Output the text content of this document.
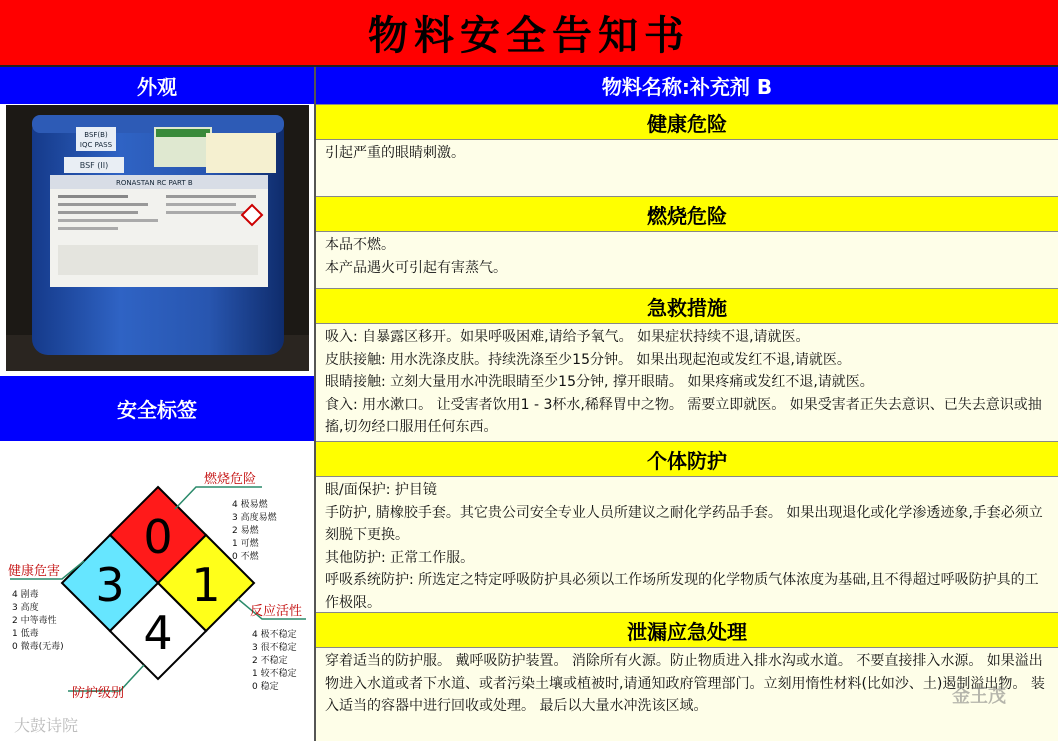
物料安全告知书
外观	物料名称:补充剂 B
BSF(B)
IQC PASS
BSF (II)
RONASTAN RC PART B
安全标签
0
3 1
4
燃烧危险
4 极易燃
3 高度易燃
2 易燃
1 可燃
0 不燃
健康危害
4 剧毒
3 高度
2 中等毒性
1 低毒
0 微毒(无毒)
反应活性
4 极不稳定
3 很不稳定
2 不稳定
1 较不稳定
0 稳定
防护级别
大鼓诗院
健康危险

引起严重的眼睛刺激。

燃烧危险

本品不燃。

本产品遇火可引起有害蒸气。

急救措施

吸入: 自暴露区移开。如果呼吸困难,请给予氧气。 如果症状持续不退,请就医。

皮肤接触: 用水洗涤皮肤。持续洗涤至少15分钟。 如果出现起泡或发红不退,请就医。

眼睛接触: 立刻大量用水冲洗眼睛至少15分钟, 撑开眼睛。 如果疼痛或发红不退,请就医。

食入: 用水漱口。 让受害者饮用1 - 3杯水,稀释胃中之物。 需要立即就医。 如果受害者正失去意识、已失去意识或抽搐,切勿经口服用任何东西。

个体防护

眼/面保护: 护目镜

手防护, 腈橡胶手套。其它贵公司安全专业人员所建议之耐化学药品手套。 如果出现退化或化学渗透迹象,手套必须立刻脱下更换。

其他防护: 正常工作服。

呼吸系统防护: 所选定之特定呼吸防护具必须以工作场所发现的化学物质气体浓度为基础,且不得超过呼吸防护具的工作极限。

泄漏应急处理

穿着适当的防护服。 戴呼吸防护装置。 消除所有火源。防止物质进入排水沟或水道。 不要直接排入水源。 如果溢出物进入水道或者下水道、或者污染土壤或植被时,请通知政府管理部门。立刻用惰性材料(比如沙、土)遏制溢出物。 装入适当的容器中进行回收或处理。 最后以大量水冲洗该区域。	金王茂
